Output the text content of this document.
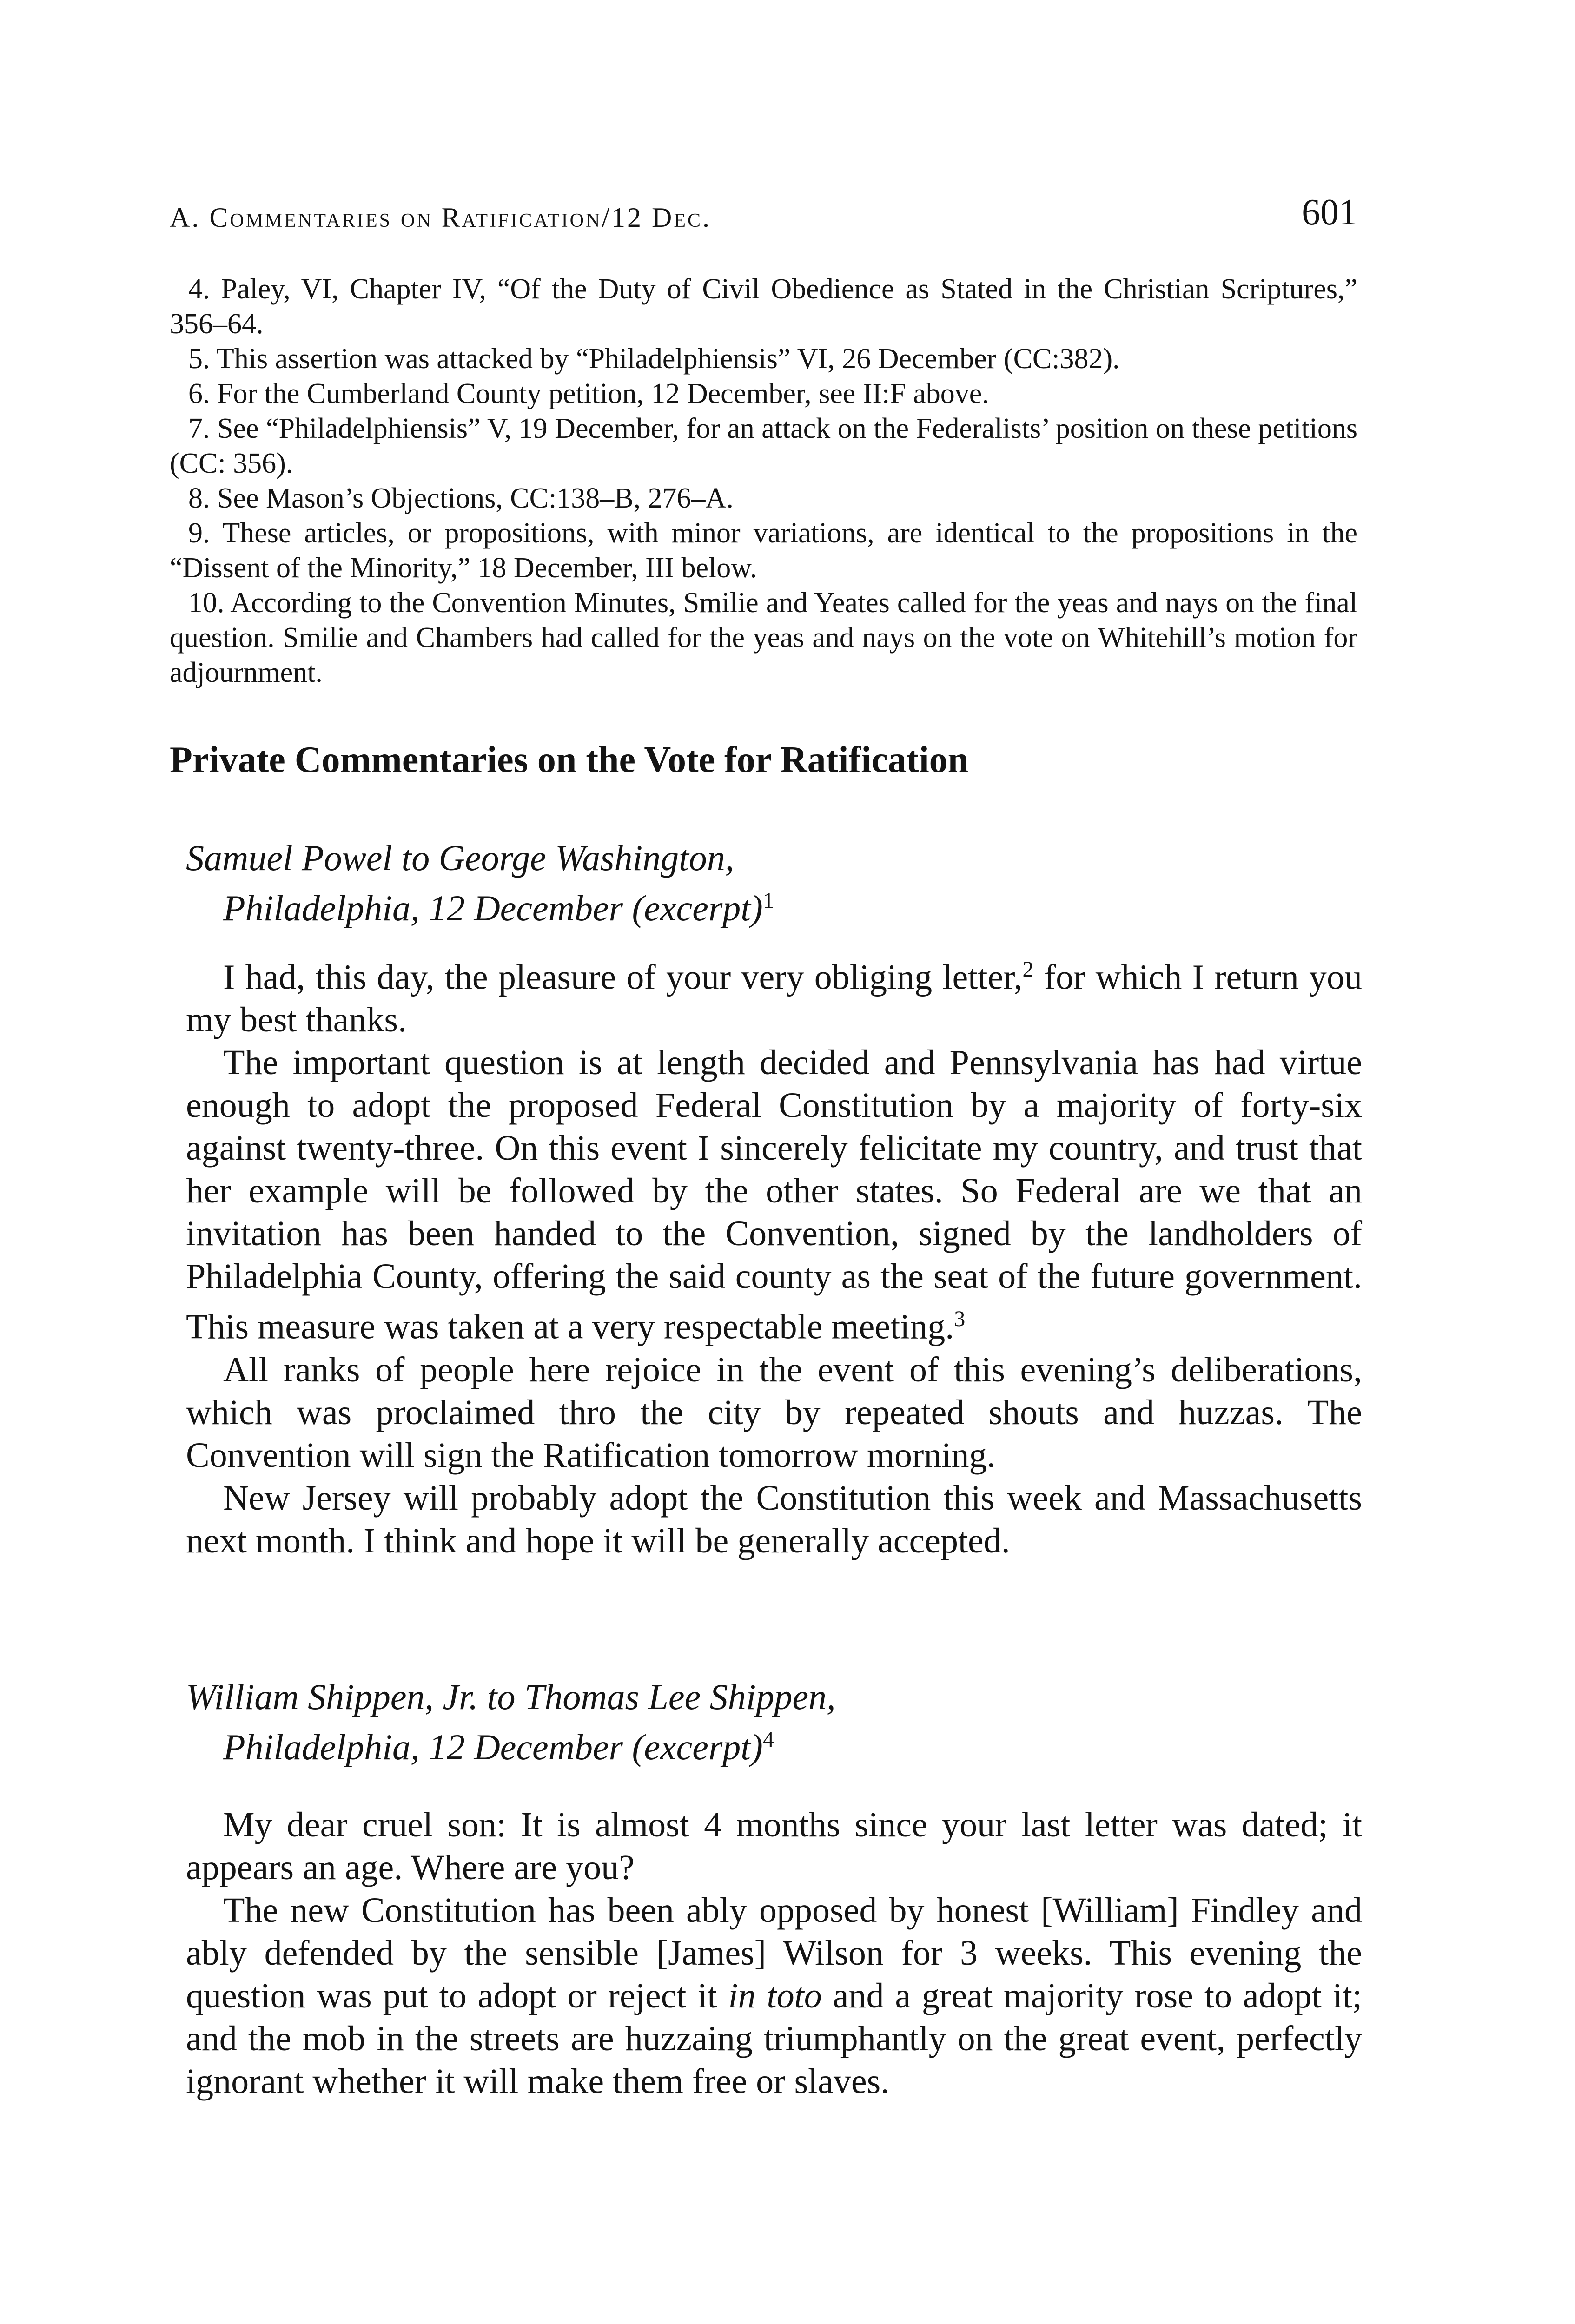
A. Commentaries on Ratification/12 Dec.	601

4. Paley, VI, Chapter IV, “Of the Duty of Civil Obedience as Stated in the Christian Scriptures,” 356–64.

5. This assertion was attacked by “Philadelphiensis” VI, 26 December (CC:382).

6. For the Cumberland County petition, 12 December, see II:F above.

7. See “Philadelphiensis” V, 19 December, for an attack on the Federalists’ position on these petitions (CC: 356).

8. See Mason’s Objections, CC:138–B, 276–A.

9. These articles, or propositions, with minor variations, are identical to the propositions in the “Dissent of the Minority,” 18 December, III below.

10. According to the Convention Minutes, Smilie and Yeates called for the yeas and nays on the final question. Smilie and Chambers had called for the yeas and nays on the vote on Whitehill’s motion for adjournment.

Private Commentaries on the Vote for Ratification
Samuel Powel to George Washington,
Philadelphia, 12 December (excerpt)$^1$

I had, this day, the pleasure of your very obliging letter,$^2$ for which I return you my best thanks.

The important question is at length decided and Pennsylvania has had virtue enough to adopt the proposed Federal Constitution by a majority of forty-six against twenty-three. On this event I sincerely felicitate my country, and trust that her example will be followed by the other states. So Federal are we that an invitation has been handed to the Convention, signed by the landholders of Philadelphia County, offering the said county as the seat of the future government. This measure was taken at a very respectable meeting.$^3$

All ranks of people here rejoice in the event of this evening’s deliberations, which was proclaimed thro the city by repeated shouts and huzzas. The Convention will sign the Ratification tomorrow morning.

New Jersey will probably adopt the Constitution this week and Massachusetts next month. I think and hope it will be generally accepted.

William Shippen, Jr. to Thomas Lee Shippen,
Philadelphia, 12 December (excerpt)$^4$

My dear cruel son: It is almost 4 months since your last letter was dated; it appears an age. Where are you?

The new Constitution has been ably opposed by honest [William] Findley and ably defended by the sensible [James] Wilson for 3 weeks. This evening the question was put to adopt or reject it in toto and a great majority rose to adopt it; and the mob in the streets are huzzaing triumphantly on the great event, perfectly ignorant whether it will make them free or slaves.
